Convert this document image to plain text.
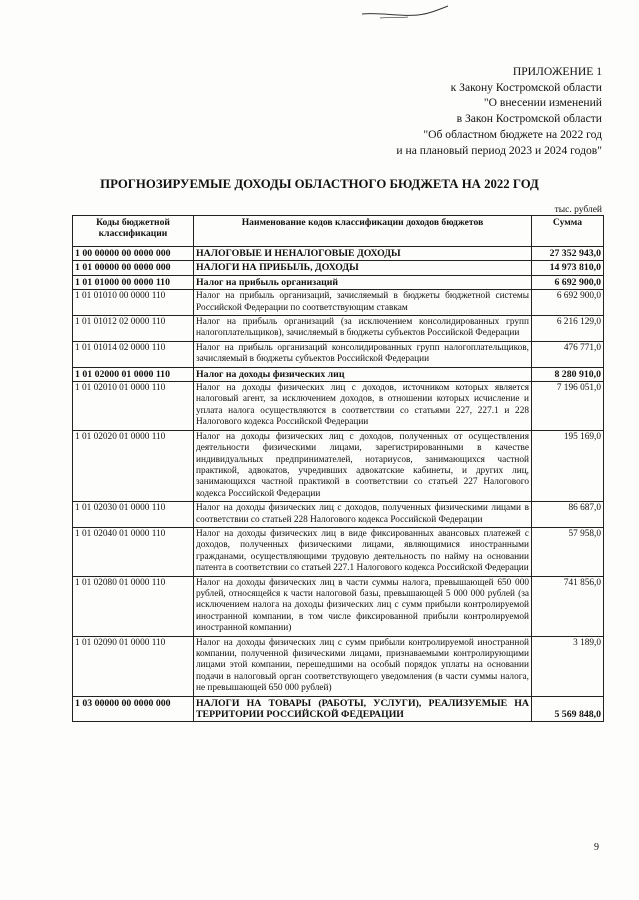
ПРИЛОЖЕНИЕ 1
к Закону Костромской области
"О внесении изменений
в Закон Костромской области
"Об областном бюджете на 2022 год
и на плановый период 2023 и 2024 годов"
ПРОГНОЗИРУЕМЫЕ ДОХОДЫ ОБЛАСТНОГО БЮДЖЕТА НА 2022 ГОД
тыс. рублей
Коды бюджетной классификации	Наименование кодов классификации доходов бюджетов	Сумма
1 00 00000 00 0000 000	НАЛОГОВЫЕ И НЕНАЛОГОВЫЕ ДОХОДЫ	27 352 943,0
1 01 00000 00 0000 000	НАЛОГИ НА ПРИБЫЛЬ, ДОХОДЫ	14 973 810,0
1 01 01000 00 0000 110	Налог на прибыль организаций	6 692 900,0
1 01 01010 00 0000 110	Налог на прибыль организаций, зачисляемый в бюджеты бюджетной системы Российской Федерации по соответствующим ставкам	6 692 900,0
1 01 01012 02 0000 110	Налог на прибыль организаций (за исключением консолидированных групп налогоплательщиков), зачисляемый в бюджеты субъектов Российской Федерации	6 216 129,0
1 01 01014 02 0000 110	Налог на прибыль организаций консолидированных групп налогоплательщиков, зачисляемый в бюджеты субъектов Российской Федерации	476 771,0
1 01 02000 01 0000 110	Налог на доходы физических лиц	8 280 910,0
1 01 02010 01 0000 110	Налог на доходы физических лиц с доходов, источником которых является налоговый агент, за исключением доходов, в отношении которых исчисление и уплата налога осуществляются в соответствии со статьями 227, 227.1 и 228 Налогового кодекса Российской Федерации	7 196 051,0
1 01 02020 01 0000 110	Налог на доходы физических лиц с доходов, полученных от осуществления деятельности физическими лицами, зарегистрированными в качестве индивидуальных предпринимателей, нотариусов, занимающихся частной практикой, адвокатов, учредивших адвокатские кабинеты, и других лиц, занимающихся частной практикой в соответствии со статьей 227 Налогового кодекса Российской Федерации	195 169,0
1 01 02030 01 0000 110	Налог на доходы физических лиц с доходов, полученных физическими лицами в соответствии со статьей 228 Налогового кодекса Российской Федерации	86 687,0
1 01 02040 01 0000 110	Налог на доходы физических лиц в виде фиксированных авансовых платежей с доходов, полученных физическими лицами, являющимися иностранными гражданами, осуществляющими трудовую деятельность по найму на основании патента в соответствии со статьей 227.1 Налогового кодекса Российской Федерации	57 958,0
1 01 02080 01 0000 110	Налог на доходы физических лиц в части суммы налога, превышающей 650 000 рублей, относящейся к части налоговой базы, превышающей 5 000 000 рублей (за исключением налога на доходы физических лиц с сумм прибыли контролируемой иностранной компании, в том числе фиксированной прибыли контролируемой иностранной компании)	741 856,0
1 01 02090 01 0000 110	Налог на доходы физических лиц с сумм прибыли контролируемой иностранной компании, полученной физическими лицами, признаваемыми контролирующими лицами этой компании, перешедшими на особый порядок уплаты на основании подачи в налоговый орган соответствующего уведомления (в части суммы налога, не превышающей 650 000 рублей)	3 189,0
1 03 00000 00 0000 000	НАЛОГИ НА ТОВАРЫ (РАБОТЫ, УСЛУГИ), РЕАЛИЗУЕМЫЕ НА ТЕРРИТОРИИ РОССИЙСКОЙ ФЕДЕРАЦИИ	5 569 848,0
9
